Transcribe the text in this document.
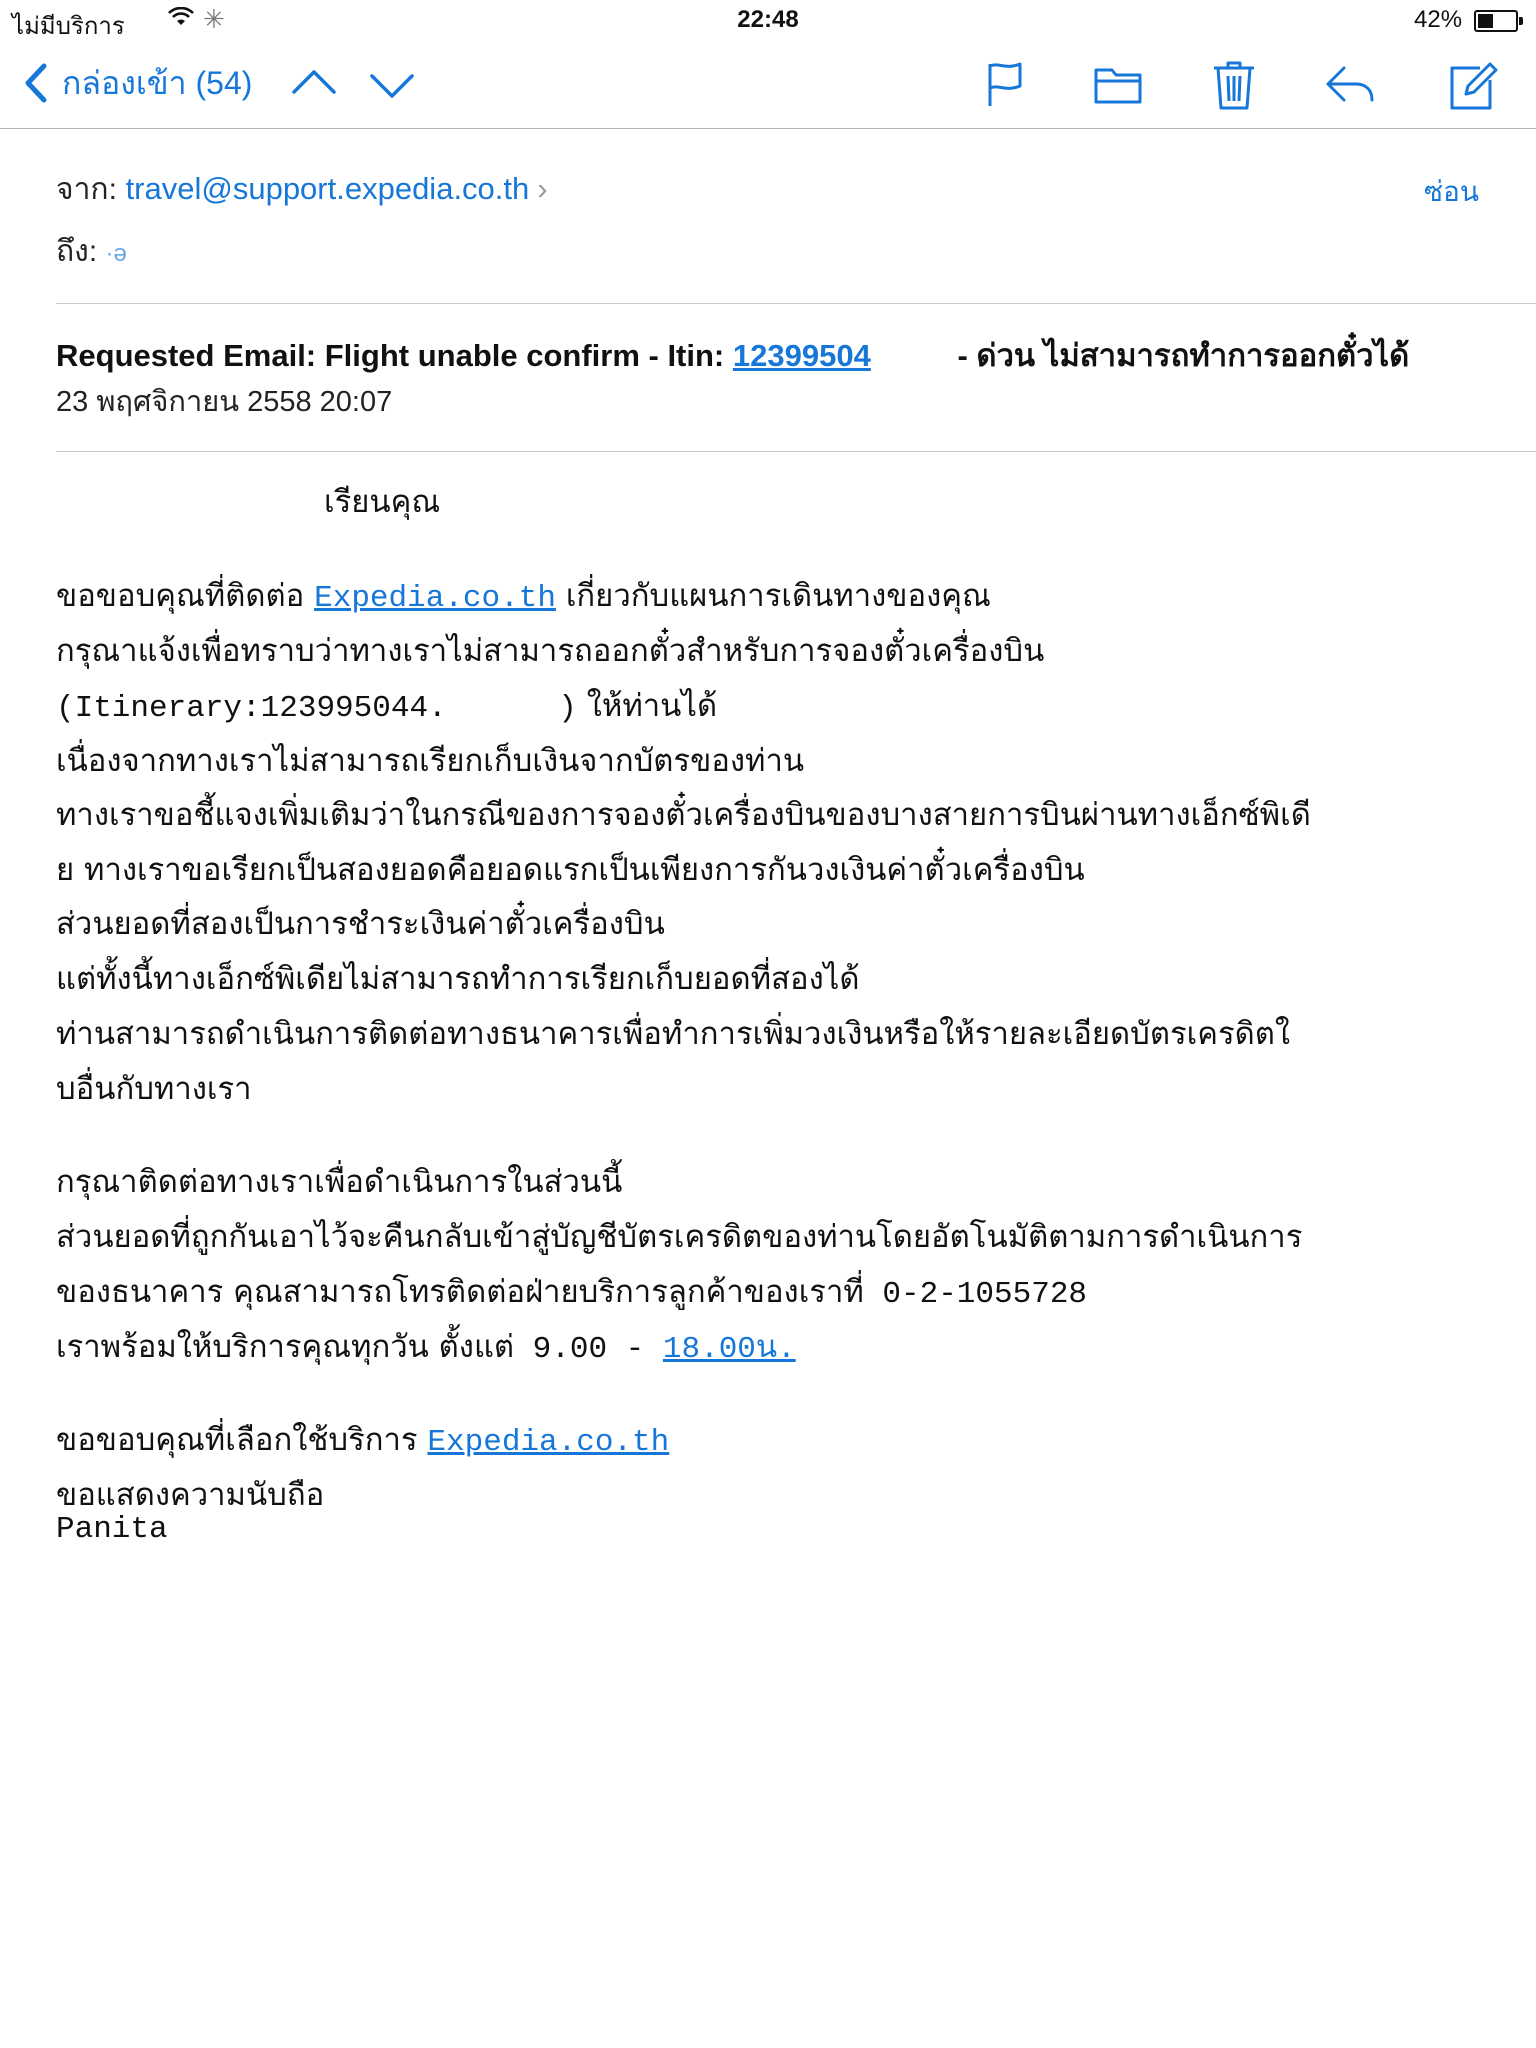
ไม่มีบริการ	✳	22:48	42%
กล่องเข้า (54)
จาก: travel@support.expedia.co.th ›	ซ่อน
ถึง: ·ə
Requested Email: Flight unable confirm - Itin: 12399504	- ด่วน ไม่สามารถทำการออกตั๋วได้
23 พฤศจิกายน 2558 20:07
เรียนคุณ
ขอขอบคุณที่ติดต่อ Expedia.co.th เกี่ยวกับแผนการเดินทางของคุณ
กรุณาแจ้งเพื่อทราบว่าทางเราไม่สามารถออกตั๋วสำหรับการจองตั๋วเครื่องบิน
(Itinerary:123995044.      ) ให้ท่านได้
เนื่องจากทางเราไม่สามารถเรียกเก็บเงินจากบัตรของท่าน
ทางเราขอชี้แจงเพิ่มเติมว่าในกรณีของการจองตั๋วเครื่องบินของบางสายการบินผ่านทางเอ็กซ์พิเดี
ย ทางเราขอเรียกเป็นสองยอดคือยอดแรกเป็นเพียงการกันวงเงินค่าตั๋วเครื่องบิน
ส่วนยอดที่สองเป็นการชำระเงินค่าตั๋วเครื่องบิน
แต่ทั้งนี้ทางเอ็กซ์พิเดียไม่สามารถทำการเรียกเก็บยอดที่สองได้
ท่านสามารถดำเนินการติดต่อทางธนาคารเพื่อทำการเพิ่มวงเงินหรือให้รายละเอียดบัตรเครดิตใ
บอื่นกับทางเรา
กรุณาติดต่อทางเราเพื่อดำเนินการในส่วนนี้
ส่วนยอดที่ถูกกันเอาไว้จะคืนกลับเข้าสู่บัญชีบัตรเครดิตของท่านโดยอัตโนมัติตามการดำเนินการ
ของธนาคาร คุณสามารถโทรติดต่อฝ่ายบริการลูกค้าของเราที่ 0-2-1055728
เราพร้อมให้บริการคุณทุกวัน ตั้งแต่ 9.00 - 18.00น.
ขอขอบคุณที่เลือกใช้บริการ Expedia.co.th
ขอแสดงความนับถือ
Panita
